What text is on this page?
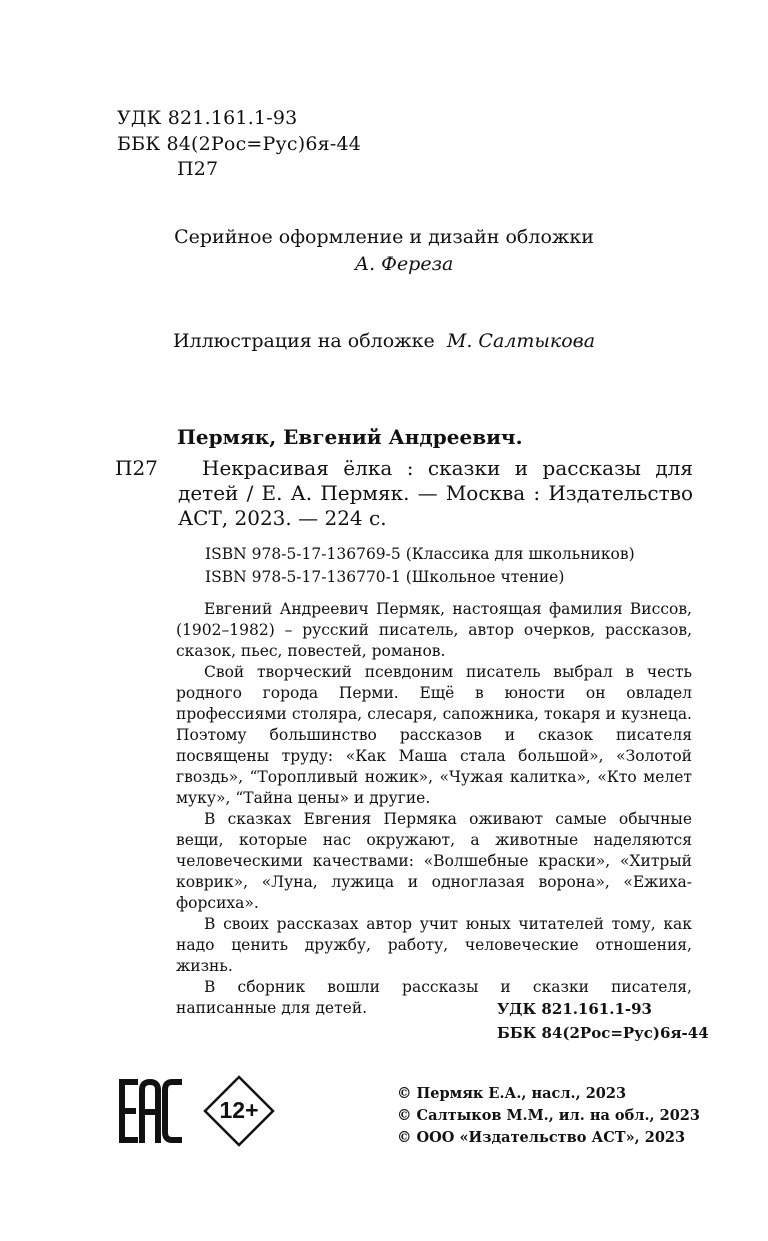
УДК 821.161.1-93
ББК 84(2Рос=Рус)6я-44
П27
Серийное оформление и дизайн обложки
А. Фереза
Иллюстрация на обложке М. Салтыкова
Пермяк, Евгений Андреевич.
П27	Некрасивая ёлка : сказки и рассказы для детей / Е. А. Пермяк. — Москва : Издательство АСТ, 2023. — 224 с.
ISBN 978-5-17-136769-5 (Классика для школьников)
ISBN 978-5-17-136770-1 (Школьное чтение)

Евгений Андреевич Пермяк, настоящая фамилия Виссов, (1902–1982) – русский писатель, автор очерков, рассказов, сказок, пьес, повестей, романов.

Свой творческий псевдоним писатель выбрал в честь родного города Перми. Ещё в юности он овладел профессиями столяра, слесаря, сапожника, токаря и кузнеца. Поэтому большинство рассказов и сказок писателя посвящены труду: «Как Маша стала большой», «Золотой гвоздь», “Торопливый ножик», «Чужая калитка», «Кто мелет муку», “Тайна цены» и другие.

В сказках Евгения Пермяка оживают самые обычные вещи, которые нас окружают, а животные наделяются человеческими качествами: «Волшебные краски», «Хитрый коврик», «Луна, лужица и одноглазая ворона», «Ежиха-форсиха».

В своих рассказах автор учит юных читателей тому, как надо ценить дружбу, работу, человеческие отношения, жизнь.

В сборник вошли рассказы и сказки писателя, написанные для детей.	УДК 821.161.1-93
ББК 84(2Рос=Рус)6я-44
12+
© Пермяк Е.А., насл., 2023
© Салтыков М.М., ил. на обл., 2023
© ООО «Издательство АСТ», 2023
